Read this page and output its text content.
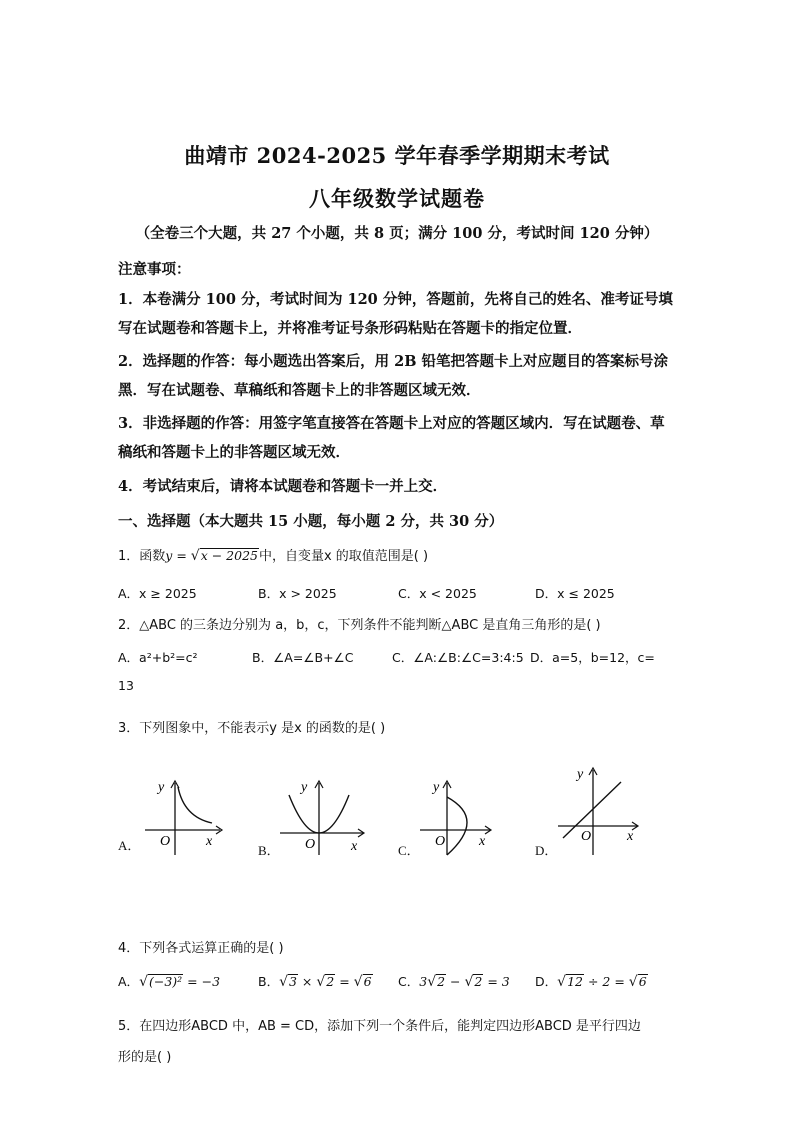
曲靖市 2024-2025 学年春季学期期末考试
八年级数学试题卷
（全卷三个大题，共 27 个小题，共 8 页；满分 100 分，考试时间 120 分钟）
注意事项：
1．本卷满分 100 分，考试时间为 120 分钟，答题前，先将自己的姓名、准考证号填写在试题卷和答题卡上，并将准考证号条形码粘贴在答题卡的指定位置．
2．选择题的作答：每小题选出答案后，用 2B 铅笔把答题卡上对应题目的答案标号涂黑．写在试题卷、草稿纸和答题卡上的非答题区域无效．
3．非选择题的作答：用签字笔直接答在答题卡上对应的答题区域内．写在试题卷、草稿纸和答题卡上的非答题区域无效．
4．考试结束后，请将本试题卷和答题卡一并上交．
一、选择题（本大题共 15 小题，每小题 2 分，共 30 分）
1．函数y = √x − 2025中，自变量x 的取值范围是( )
A．x ≥ 2025	B．x > 2025	C．x < 2025	D．x ≤ 2025
2．△ABC 的三条边分别为 a，b，c，下列条件不能判断△ABC 是直角三角形的是( )
A．a²+b²=c²	B．∠A=∠B+∠C	C．∠A:∠B:∠C=3:4:5 D．a=5，b=12，c=
13
3．下列图象中，不能表示y 是x 的函数的是( )
A．
y
O	x
B．
y
O	x	C．
y
O x
D．
y
O	x
4．下列各式运算正确的是( )
A．√(−3)² = −3	B．√3 × √2 = √6 C．3√2 − √2 = 3 D．√12 ÷ 2 = √6
5．在四边形ABCD 中，AB = CD，添加下列一个条件后，能判定四边形ABCD 是平行四边
形的是( )
